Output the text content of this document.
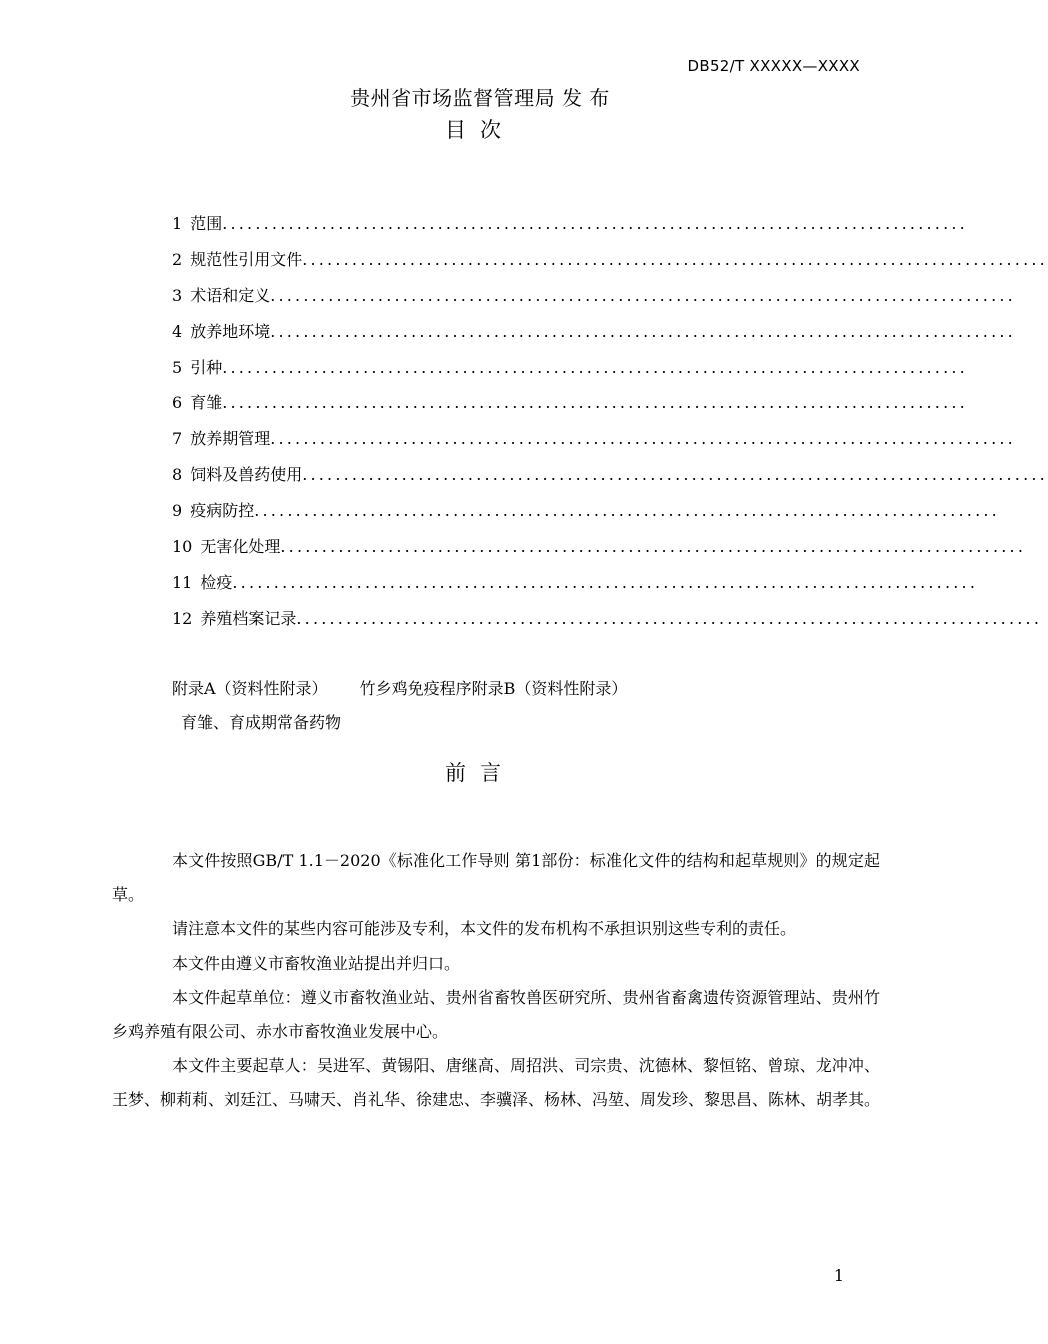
DB52/T XXXXX—XXXX
贵州省市场监督管理局 发 布
目次
1 范围 ..........................................................................................
2 规范性引用文件 ..........................................................................................
3 术语和定义 ..........................................................................................
4 放养地环境 ..........................................................................................
5 引种 ..........................................................................................
6 育雏 ..........................................................................................
7 放养期管理 ..........................................................................................
8 饲料及兽药使用 ..........................................................................................
9 疫病防控 ..........................................................................................
10 无害化处理 ..........................................................................................
11 检疫 ..........................................................................................
12 养殖档案记录 ..........................................................................................
附录A（资料性附录） 竹乡鸡免疫程序附录B（资料性附录）
育雏、育成期常备药物
前言

本文件按照GB/T 1.1－2020《标准化工作导则 第1部份：标准化文件的结构和起草规则》的规定起草。

请注意本文件的某些内容可能涉及专利，本文件的发布机构不承担识别这些专利的责任。

本文件由遵义市畜牧渔业站提出并归口。

本文件起草单位：遵义市畜牧渔业站、贵州省畜牧兽医研究所、贵州省畜禽遗传资源管理站、贵州竹乡鸡养殖有限公司、赤水市畜牧渔业发展中心。

本文件主要起草人：吴进军、黄锡阳、唐继高、周招洪、司宗贵、沈德林、黎恒铭、曾琼、龙冲冲、王梦、柳莉莉、刘廷江、马啸天、肖礼华、徐建忠、李骥泽、杨林、冯堃、周发珍、黎思昌、陈林、胡孝其。

1
